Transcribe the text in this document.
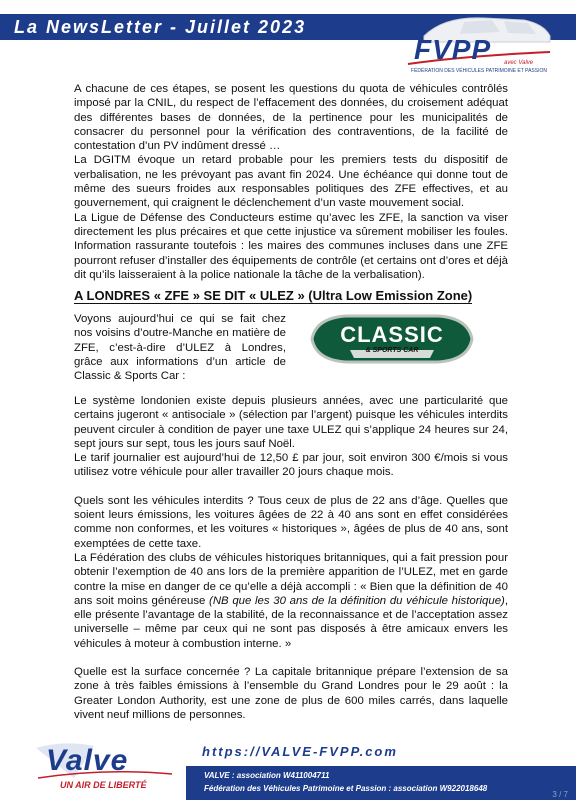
La NewsLetter - Juillet 2023
FVPP avec Valve
FÉDÉRATION DES VÉHICULES PATRIMOINE ET PASSION

A chacune de ces étapes, se posent les questions du quota de véhicules contrôlés imposé par la CNIL, du respect de l’effacement des données, du croisement adéquat des différentes bases de données, de la pertinence pour les municipalités de consacrer du personnel pour la vérification des contraventions, de la facilité de contestation d’un PV indûment dressé …

La DGITM évoque un retard probable pour les premiers tests du dispositif de verbalisation, ne les prévoyant pas avant fin 2024. Une échéance qui donne tout de même des sueurs froides aux responsables politiques des ZFE effectives, et au gouvernement, qui craignent le déclenchement d’un vaste mouvement social.

La Ligue de Défense des Conducteurs estime qu’avec les ZFE, la sanction va viser directement les plus précaires et que cette injustice va sûrement mobiliser les foules. Information rassurante toutefois : les maires des communes incluses dans une ZFE pourront refuser d’installer des équipements de contrôle (et certains ont d’ores et déjà dit qu’ils laisseraient à la police nationale la tâche de la verbalisation).

A LONDRES « ZFE » SE DIT « ULEZ » (Ultra Low Emission Zone)
Voyons aujourd’hui ce qui se fait chez nos voisins d’outre-Manche en matière de ZFE, c’est-à-dire d’ULEZ à Londres, grâce aux informations d’un article de Classic & Sports Car :
CLASSIC
& SPORTS CAR

Le système londonien existe depuis plusieurs années, avec une particularité que certains jugeront « antisociale » (sélection par l’argent) puisque les véhicules interdits peuvent circuler à condition de payer une taxe ULEZ qui s’applique 24 heures sur 24, sept jours sur sept, tous les jours sauf Noël.

Le tarif journalier est aujourd’hui de 12,50 £ par jour, soit environ 300 €/mois si vous utilisez votre véhicule pour aller travailler 20 jours chaque mois.

Quels sont les véhicules interdits ? Tous ceux de plus de 22 ans d’âge. Quelles que soient leurs émissions, les voitures âgées de 22 à 40 ans sont en effet considérées comme non conformes, et les voitures « historiques », âgées de plus de 40 ans, sont exemptées de cette taxe.

La Fédération des clubs de véhicules historiques britanniques, qui a fait pression pour obtenir l’exemption de 40 ans lors de la première apparition de l’ULEZ, met en garde contre la mise en danger de ce qu’elle a déjà accompli : « Bien que la définition de 40 ans soit moins généreuse (NB que les 30 ans de la définition du véhicule historique), elle présente l’avantage de la stabilité, de la reconnaissance et de l’acceptation assez universelle – même par ceux qui ne sont pas disposés à être amicaux envers les véhicules à moteur à combustion interne. »

Quelle est la surface concernée ? La capitale britannique prépare l’extension de sa zone à très faibles émissions à l’ensemble du Grand Londres pour le 29 août : la Greater London Authority, est une zone de plus de 600 miles carrés, dans laquelle vivent neuf millions de personnes.

Valve
UN AIR DE LIBERTÉ
https://VALVE-FVPP.com
VALVE : association W411004711
Fédération des Véhicules Patrimoine et Passion : association W922018648
3 / 7
